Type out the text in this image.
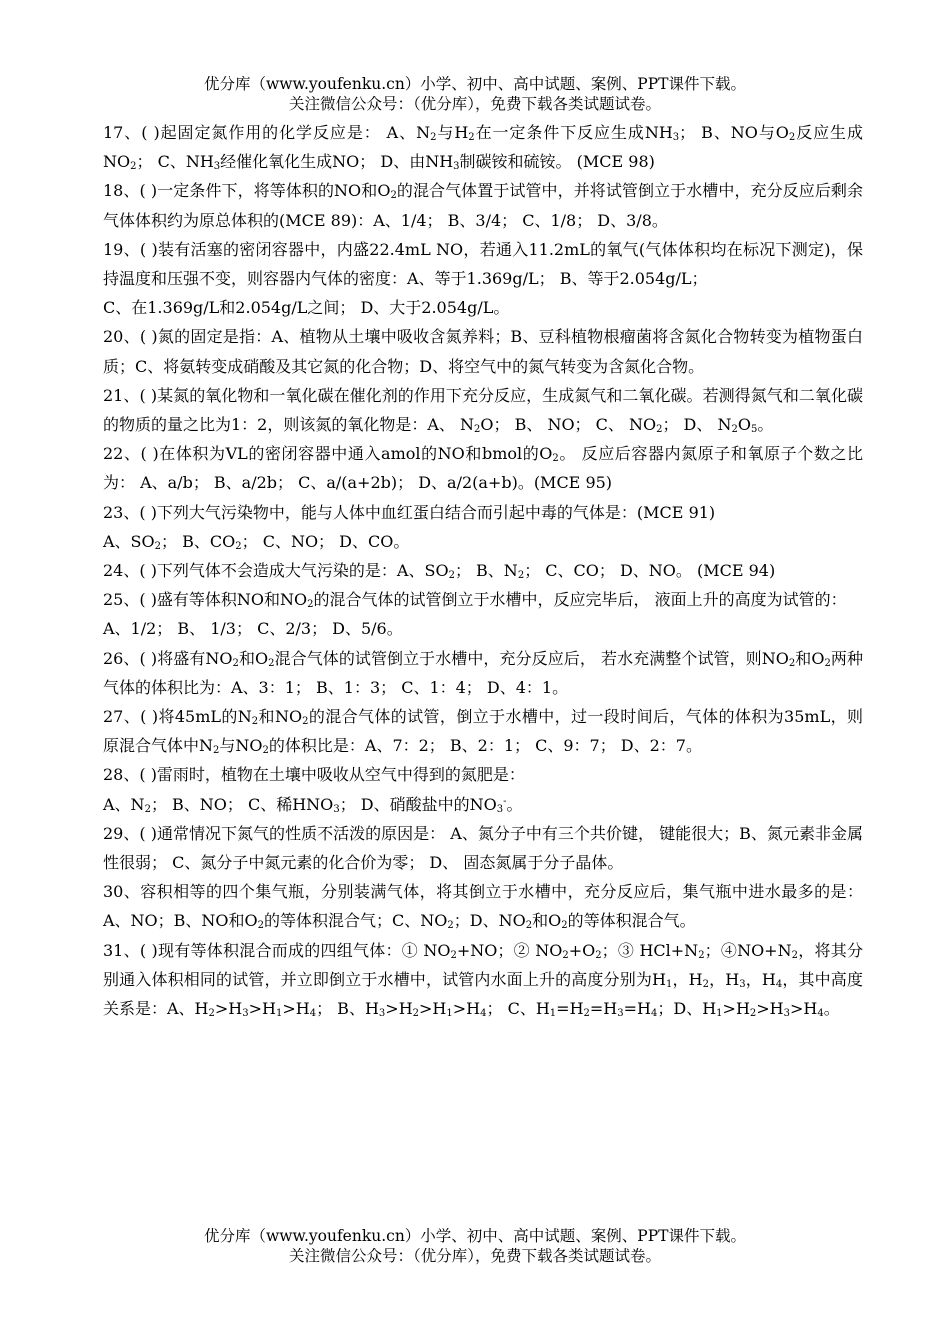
优分库（www.youfenku.cn）小学、初中、高中试题、案例、PPT课件下载。
关注微信公众号：（优分库），免费下载各类试题试卷。

17、( )起固定氮作用的化学反应是： A、$N_2$与$H_2$在一定条件下反应生成$NH_3$； B、NO与$O_2$反应生成$NO_2$； C、$NH_3$经催化氧化生成NO； D、由$NH_3$制碳铵和硫铵。 (MCE 98)

18、( )一定条件下，将等体积的NO和$O_2$的混合气体置于试管中，并将试管倒立于水槽中，充分反应后剩余气体体积约为原总体积的(MCE 89)：A、1/4； B、3/4； C、1/8； D、3/8。

19、( )装有活塞的密闭容器中，内盛22.4mL NO，若通入11.2mL的氧气(气体体积均在标况下测定)，保持温度和压强不变，则容器内气体的密度：A、等于1.369g/L； B、等于2.054g/L；

C、在1.369g/L和2.054g/L之间； D、大于2.054g/L。

20、( )氮的固定是指：A、植物从土壤中吸收含氮养料；B、豆科植物根瘤菌将含氮化合物转变为植物蛋白质；C、将氨转变成硝酸及其它氮的化合物；D、将空气中的氮气转变为含氮化合物。

21、( )某氮的氧化物和一氧化碳在催化剂的作用下充分反应，生成氮气和二氧化碳。若测得氮气和二氧化碳的物质的量之比为1：2，则该氮的氧化物是：A、 $N_2O$； B、 NO； C、 $NO_2$； D、 $N_2O_5$。

22、( )在体积为VL的密闭容器中通入amol的NO和bmol的$O_2$。 反应后容器内氮原子和氧原子个数之比为： A、a/b； B、a/2b； C、a/(a+2b)； D、a/2(a+b)。(MCE 95)

23、( )下列大气污染物中，能与人体中血红蛋白结合而引起中毒的气体是：(MCE 91)

A、$SO_2$； B、$CO_2$； C、NO； D、CO。

24、( )下列气体不会造成大气污染的是：A、$SO_2$； B、$N_2$； C、CO； D、NO。 (MCE 94)

25、( )盛有等体积NO和$NO_2$的混合气体的试管倒立于水槽中，反应完毕后， 液面上升的高度为试管的：

A、1/2； B、 1/3； C、2/3； D、5/6。

26、( )将盛有$NO_2$和$O_2$混合气体的试管倒立于水槽中，充分反应后， 若水充满整个试管，则$NO_2$和$O_2$两种气体的体积比为：A、3：1； B、1：3； C、1：4； D、4：1。

27、( )将45mL的$N_2$和$NO_2$的混合气体的试管，倒立于水槽中，过一段时间后，气体的体积为35mL，则原混合气体中$N_2$与$NO_2$的体积比是：A、7：2； B、2：1； C、9：7； D、2：7。

28、( )雷雨时，植物在土壤中吸收从空气中得到的氮肥是：

A、$N_2$； B、NO； C、稀$HNO_3$； D、硝酸盐中的$NO_3^-$。

29、( )通常情况下氮气的性质不活泼的原因是： A、氮分子中有三个共价键， 键能很大；B、氮元素非金属性很弱； C、氮分子中氮元素的化合价为零； D、 固态氮属于分子晶体。

30、容积相等的四个集气瓶，分别装满气体，将其倒立于水槽中，充分反应后，集气瓶中进水最多的是：A、NO；B、NO和$O_2$的等体积混合气；C、$NO_2$；D、$NO_2$和$O_2$的等体积混合气。

31、( )现有等体积混合而成的四组气体：① $NO_2+NO$；② $NO_2+O_2$；③ $HCl+N_2$；$④NO+N_2$，将其分别通入体积相同的试管，并立即倒立于水槽中，试管内水面上升的高度分别为$H_1$，$H_2$，$H_3$，$H_4$，其中高度关系是：A、$H_2>H_3>H_1>H_4$； B、$H_3>H_2>H_1>H_4$； C、$H_1=H_2=H_3=H_4$；D、$H_1>H_2>H_3>H_4$。

优分库（www.youfenku.cn）小学、初中、高中试题、案例、PPT课件下载。
关注微信公众号：（优分库），免费下载各类试题试卷。
